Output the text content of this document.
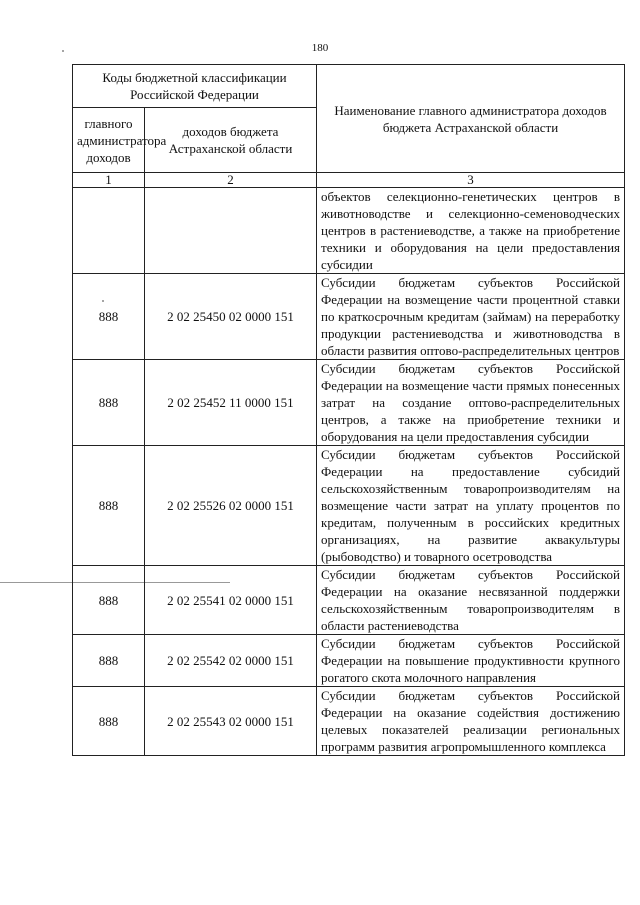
180
Коды бюджетной классификации Российской Федерации		Наименование главного администратора доходов бюджета Астраханской области
главного администратора доходов	доходов бюджета Астраханской области	
1	2	3
		объектов селекционно-генетических центров в животноводстве и селекционно-семеноводческих центров в растениеводстве, а также на приобретение техники и оборудования на цели предоставления субсидии
888	2 02 25450 02 0000 151	Субсидии бюджетам субъектов Российской Федерации на возмещение части процентной ставки по краткосрочным кредитам (займам) на переработку продукции растениеводства и животноводства в области развития оптово-распределительных центров
888	2 02 25452 11 0000 151	Субсидии бюджетам субъектов Российской Федерации на возмещение части прямых понесенных затрат на создание оптово-распределительных центров, а также на приобретение техники и оборудования на цели предоставления субсидии
888	2 02 25526 02 0000 151	Субсидии бюджетам субъектов Российской Федерации на предоставление субсидий сельскохозяйственным товаропроизводителям на возмещение части затрат на уплату процентов по кредитам, полученным в российских кредитных организациях, на развитие аквакультуры (рыбоводство) и товарного осетроводства
888	2 02 25541 02 0000 151	Субсидии бюджетам субъектов Российской Федерации на оказание несвязанной поддержки сельскохозяйственным товаропроизводителям в области растениеводства
888	2 02 25542 02 0000 151	Субсидии бюджетам субъектов Российской Федерации на повышение продуктивности крупного рогатого скота молочного направления
888	2 02 25543 02 0000 151	Субсидии бюджетам субъектов Российской Федерации на оказание содействия достижению целевых показателей реализации региональных программ развития агропромышленного комплекса
